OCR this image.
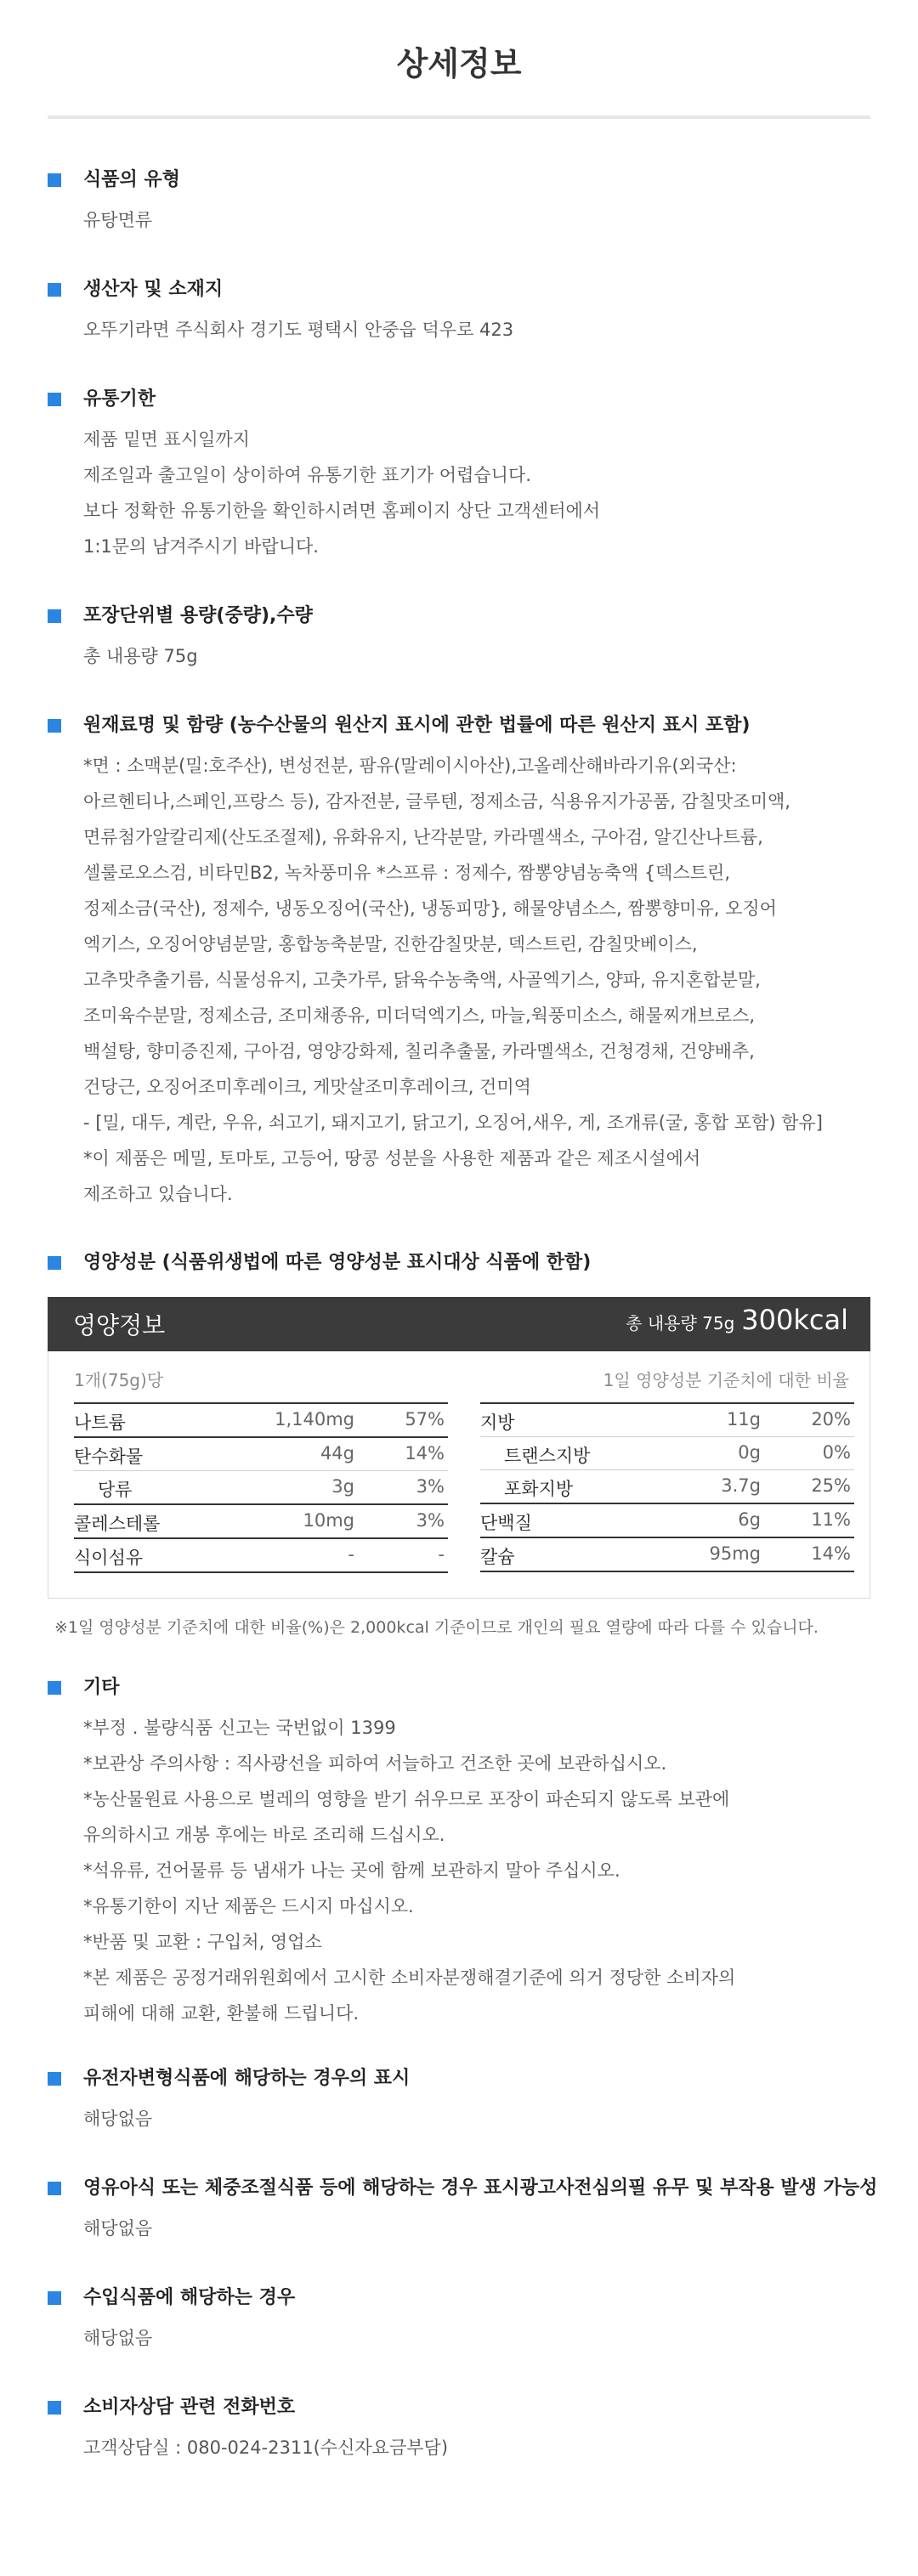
상세정보
식품의 유형
유탕면류
생산자 및 소재지
오뚜기라면 주식회사 경기도 평택시 안중읍 덕우로 423
유통기한
제품 밑면 표시일까지
제조일과 출고일이 상이하여 유통기한 표기가 어렵습니다.
보다 정확한 유통기한을 확인하시려면 홈페이지 상단 고객센터에서
1:1문의 남겨주시기 바랍니다.
포장단위별 용량(중량),수량
총 내용량 75g
원재료명 및 함량 (농수산물의 원산지 표시에 관한 법률에 따른 원산지 표시 포함)
*면 : 소맥분(밀:호주산), 변성전분, 팜유(말레이시아산),고올레산해바라기유(외국산:
아르헨티나,스페인,프랑스 등), 감자전분, 글루텐, 정제소금, 식용유지가공품, 감칠맛조미액,
면류첨가알칼리제(산도조절제), 유화유지, 난각분말, 카라멜색소, 구아검, 알긴산나트륨,
셀룰로오스검, 비타민B2, 녹차풍미유 *스프류 : 정제수, 짬뽕양념농축액 {덱스트린,
정제소금(국산), 정제수, 냉동오징어(국산), 냉동피망}, 해물양념소스, 짬뽕향미유, 오징어
엑기스, 오징어양념분말, 홍합농축분말, 진한감칠맛분, 덱스트린, 감칠맛베이스,
고추맛추출기름, 식물성유지, 고춧가루, 닭육수농축액, 사골엑기스, 양파, 유지혼합분말,
조미육수분말, 정제소금, 조미채종유, 미더덕엑기스, 마늘,웍풍미소스, 해물찌개브로스,
백설탕, 향미증진제, 구아검, 영양강화제, 칠리추출물, 카라멜색소, 건청경채, 건양배추,
건당근, 오징어조미후레이크, 게맛살조미후레이크, 건미역
- [밀, 대두, 계란, 우유, 쇠고기, 돼지고기, 닭고기, 오징어,새우, 게, 조개류(굴, 홍합 포함) 함유]
*이 제품은 메밀, 토마토, 고등어, 땅콩 성분을 사용한 제품과 같은 제조시설에서
제조하고 있습니다.
영양성분 (식품위생법에 따른 영양성분 표시대상 식품에 한함)
영양정보	총 내용량 75g 300kcal
1개(75g)당	1일 영양성분 기준치에 대한 비율
나트륨	1,140mg	57%
탄수화물	44g	14%
당류	3g	3%
콜레스테롤	10mg	3%
식이섬유	-	-
지방	11g	20%
트랜스지방	0g	0%
포화지방	3.7g	25%
단백질	6g	11%
칼슘	95mg	14%
※1일 영양성분 기준치에 대한 비율(%)은 2,000kcal 기준이므로 개인의 필요 열량에 따라 다를 수 있습니다.
기타
*부정 . 불량식품 신고는 국번없이 1399
*보관상 주의사항 : 직사광선을 피하여 서늘하고 건조한 곳에 보관하십시오.
*농산물원료 사용으로 벌레의 영향을 받기 쉬우므로 포장이 파손되지 않도록 보관에
유의하시고 개봉 후에는 바로 조리해 드십시오.
*석유류, 건어물류 등 냄새가 나는 곳에 함께 보관하지 말아 주십시오.
*유통기한이 지난 제품은 드시지 마십시오.
*반품 및 교환 : 구입처, 영업소
*본 제품은 공정거래위원회에서 고시한 소비자분쟁해결기준에 의거 정당한 소비자의
피해에 대해 교환, 환불해 드립니다.
유전자변형식품에 해당하는 경우의 표시
해당없음
영유아식 또는 체중조절식품 등에 해당하는 경우 표시광고사전심의필 유무 및 부작용 발생 가능성
해당없음
수입식품에 해당하는 경우
해당없음
소비자상담 관련 전화번호
고객상담실 : 080-024-2311(수신자요금부담)
